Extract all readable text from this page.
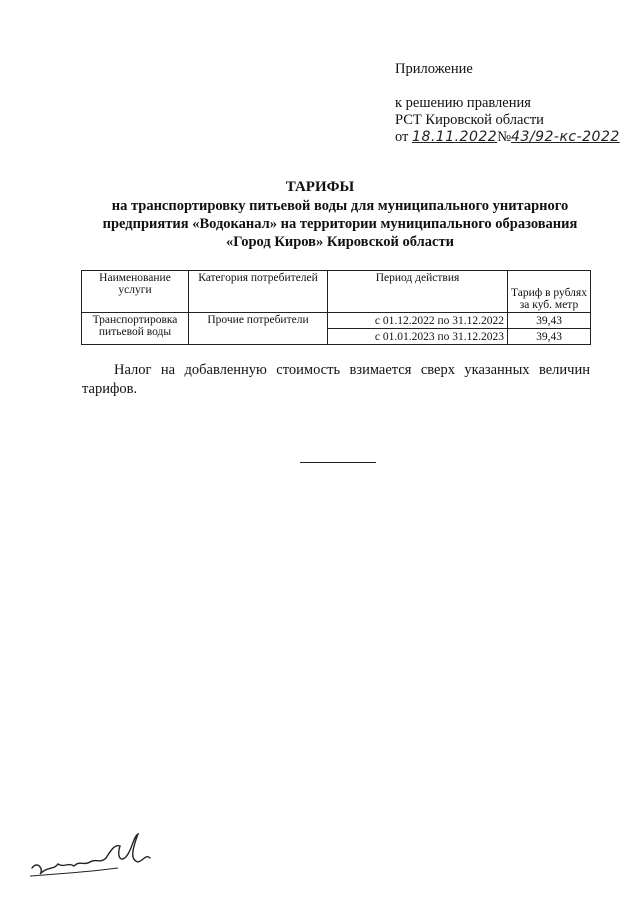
Приложение
к решению правления
РСТ Кировской области
от 18.11.2022№43/92-кс-2022
ТАРИФЫ
на транспортировку питьевой воды для муниципального унитарного
предприятия «Водоканал» на территории муниципального образования
«Город Киров» Кировской области
Наименование услуги	Категория потребителей	Период действия	Тариф в рублях за куб. метр
Транспортировка питьевой воды	Прочие потребители	с 01.12.2022 по 31.12.2022	39,43
		с 01.01.2023 по 31.12.2023	39,43
Налог на добавленную стоимость взимается сверх указанных величин тарифов.
